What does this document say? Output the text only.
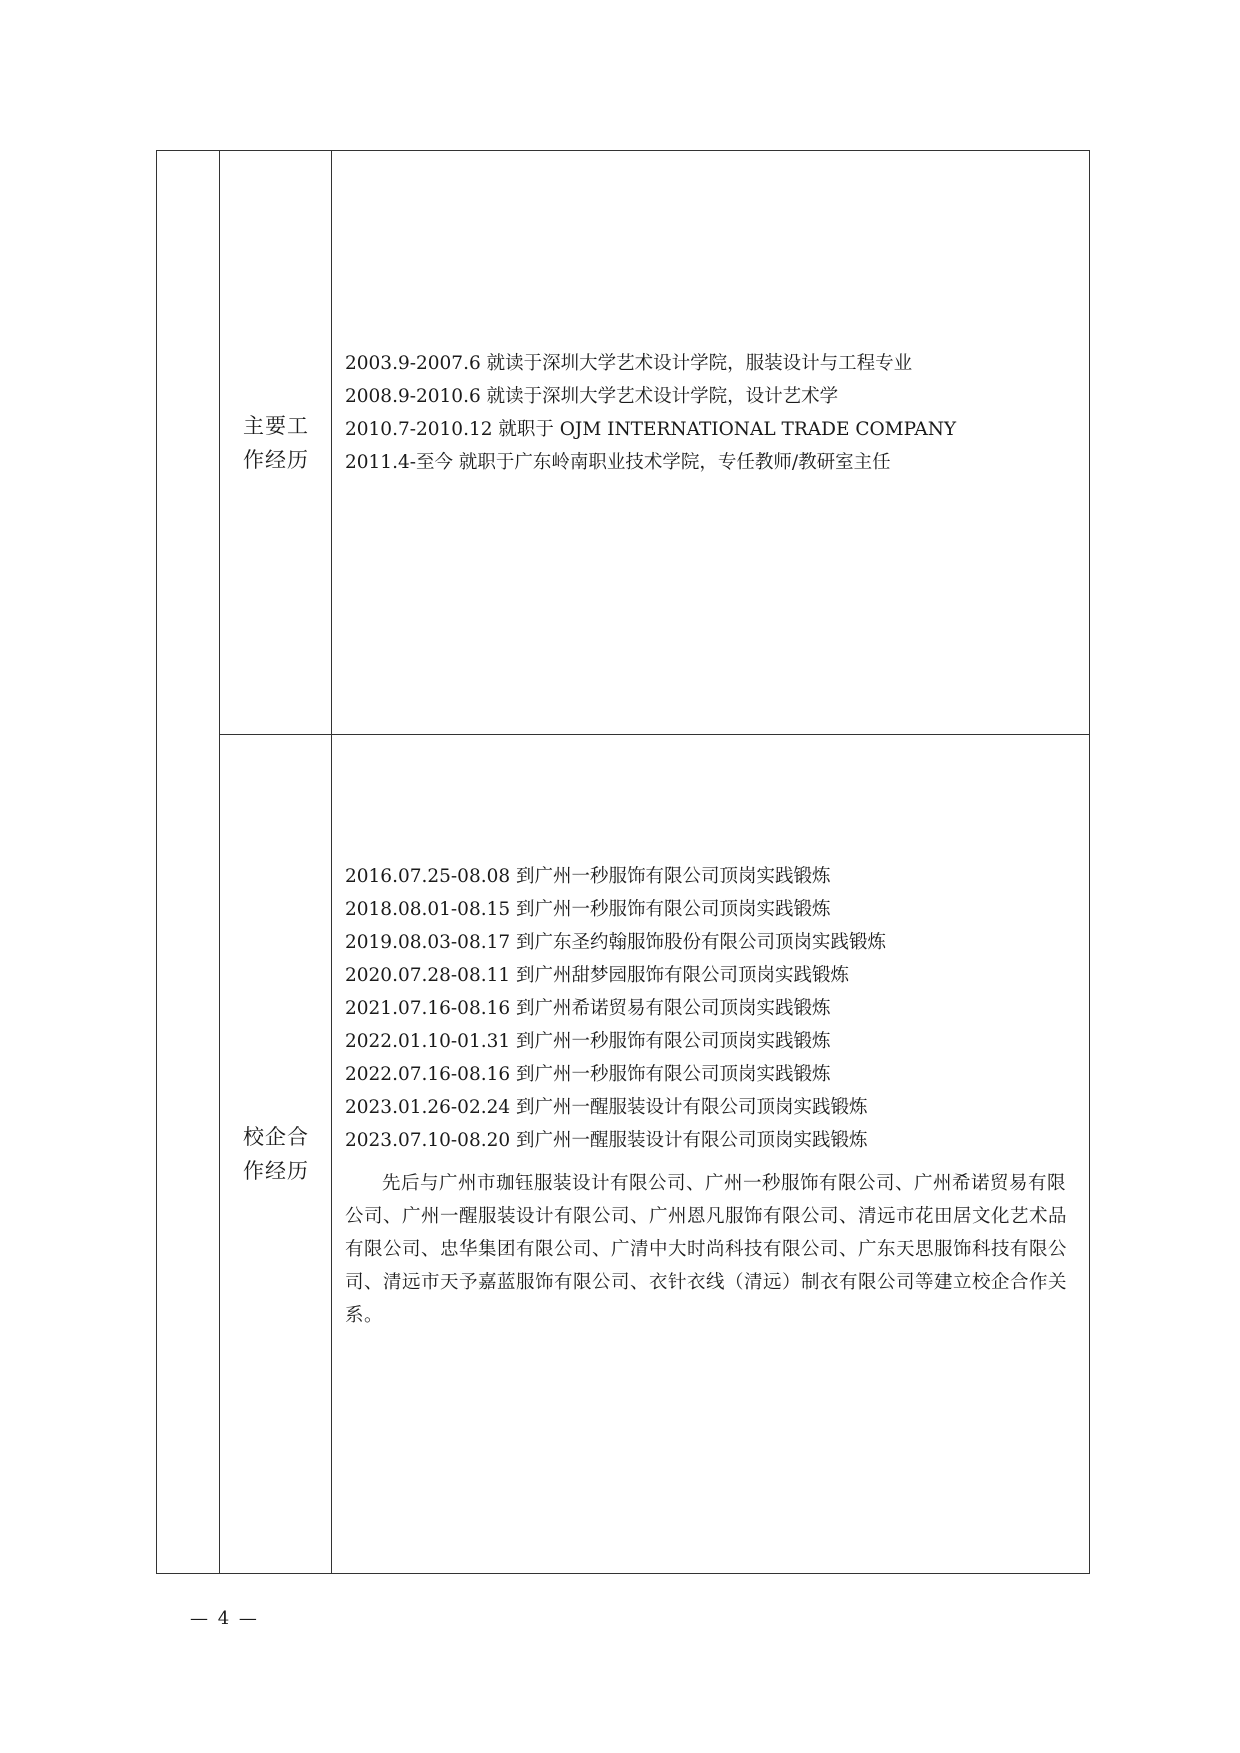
主要工
作经历
2003.9-2007.6 就读于深圳大学艺术设计学院，服装设计与工程专业
2008.9-2010.6 就读于深圳大学艺术设计学院，设计艺术学
2010.7-2010.12 就职于 OJM INTERNATIONAL TRADE COMPANY
2011.4-至今 就职于广东岭南职业技术学院，专任教师/教研室主任
校企合
作经历
2016.07.25-08.08 到广州一秒服饰有限公司顶岗实践锻炼
2018.08.01-08.15 到广州一秒服饰有限公司顶岗实践锻炼
2019.08.03-08.17 到广东圣约翰服饰股份有限公司顶岗实践锻炼
2020.07.28-08.11 到广州甜梦园服饰有限公司顶岗实践锻炼
2021.07.16-08.16 到广州希诺贸易有限公司顶岗实践锻炼
2022.01.10-01.31 到广州一秒服饰有限公司顶岗实践锻炼
2022.07.16-08.16 到广州一秒服饰有限公司顶岗实践锻炼
2023.01.26-02.24 到广州一醒服装设计有限公司顶岗实践锻炼
2023.07.10-08.20 到广州一醒服装设计有限公司顶岗实践锻炼
先后与广州市珈钰服装设计有限公司、广州一秒服饰有限公司、广州希诺贸易有限公司、广州一醒服装设计有限公司、广州恩凡服饰有限公司、清远市花田居文化艺术品有限公司、忠华集团有限公司、广清中大时尚科技有限公司、广东天思服饰科技有限公司、清远市天予嘉蓝服饰有限公司、衣针衣线（清远）制衣有限公司等建立校企合作关系。
— 4 —
